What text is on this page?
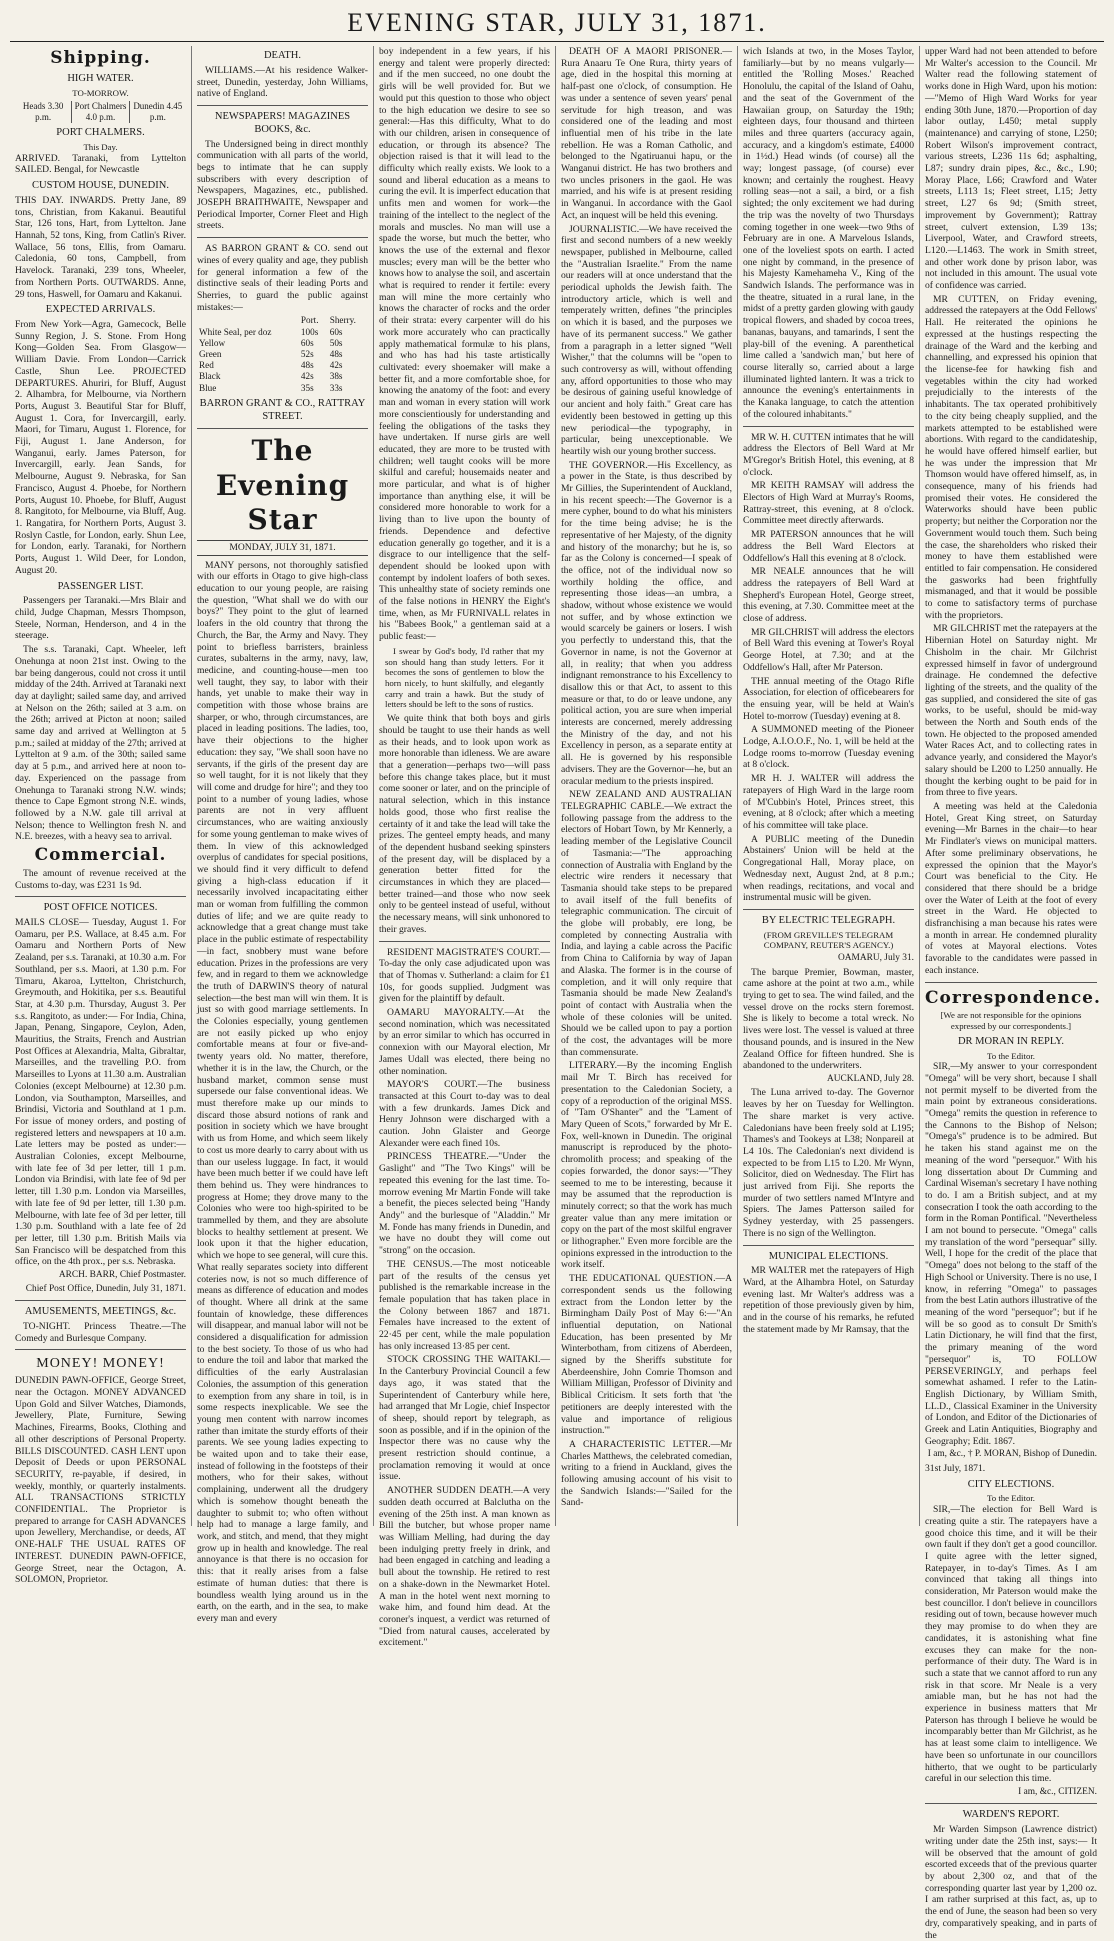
EVENING STAR, JULY 31, 1871.
Shipping.
HIGH WATER.
TO-MORROW.
Heads 3.30 p.m.
Port Chalmers 4.0 p.m.
Dunedin 4.45 p.m.
PORT CHALMERS.
This Day.

ARRIVED. Taranaki, from Lyttelton SAILED. Bengal, for Newcastle

CUSTOM HOUSE, DUNEDIN.

THIS DAY. INWARDS. Pretty Jane, 89 tons, Christian, from Kakanui. Beautiful Star, 126 tons, Hart, from Lyttelton. Jane Hannah, 52 tons, King, from Catlin's River. Wallace, 56 tons, Ellis, from Oamaru. Caledonia, 60 tons, Campbell, from Havelock. Taranaki, 239 tons, Wheeler, from Northern Ports. OUTWARDS. Anne, 29 tons, Haswell, for Oamaru and Kakanui.

EXPECTED ARRIVALS.

From New York—Agra, Gamecock, Belle Sunny Region, J. S. Stone. From Hong Kong—Golden Sea. From Glasgow—William Davie. From London—Carrick Castle, Shun Lee. PROJECTED DEPARTURES. Ahuriri, for Bluff, August 2. Alhambra, for Melbourne, via Northern Ports, August 3. Beautiful Star for Bluff, August 1. Cora, for Invercargill, early. Maori, for Timaru, August 1. Florence, for Fiji, August 1. Jane Anderson, for Wanganui, early. James Paterson, for Invercargill, early. Jean Sands, for Melbourne, August 9. Nebraska, for San Francisco, August 4. Phoebe, for Northern Ports, August 10. Phoebe, for Bluff, August 8. Rangitoto, for Melbourne, via Bluff, Aug. 1. Rangatira, for Northern Ports, August 3. Roslyn Castle, for London, early. Shun Lee, for London, early. Taranaki, for Northern Ports, August 1. Wild Deer, for London, August 20.

PASSENGER LIST.

Passengers per Taranaki.—Mrs Blair and child, Judge Chapman, Messrs Thompson, Steele, Norman, Henderson, and 4 in the steerage.

The s.s. Taranaki, Capt. Wheeler, left Onehunga at noon 21st inst. Owing to the bar being dangerous, could not cross it until midday of the 24th. Arrived at Taranaki next day at daylight; sailed same day, and arrived at Nelson on the 26th; sailed at 3 a.m. on the 26th; arrived at Picton at noon; sailed same day and arrived at Wellington at 5 p.m.; sailed at midday of the 27th; arrived at Lyttelton at 9 a.m. of the 30th; sailed same day at 5 p.m., and arrived here at noon to-day. Experienced on the passage from Onehunga to Taranaki strong N.W. winds; thence to Cape Egmont strong N.E. winds, followed by a N.W. gale till arrival at Nelson; thence to Wellington fresh N. and N.E. breezes, with a heavy sea to arrival.

Commercial.

The amount of revenue received at the Customs to-day, was £231 1s 9d.

POST OFFICE NOTICES.

MAILS CLOSE— Tuesday, August 1. For Oamaru, per P.S. Wallace, at 8.45 a.m. For Oamaru and Northern Ports of New Zealand, per s.s. Taranaki, at 10.30 a.m. For Southland, per s.s. Maori, at 1.30 p.m. For Timaru, Akaroa, Lyttelton, Christchurch, Greymouth, and Hokitika, per s.s. Beautiful Star, at 4.30 p.m. Thursday, August 3. Per s.s. Rangitoto, as under:— For India, China, Japan, Penang, Singapore, Ceylon, Aden, Mauritius, the Straits, French and Austrian Post Offices at Alexandria, Malta, Gibraltar, Marseilles, and the travelling P.O. from Marseilles to Lyons at 11.30 a.m. Australian Colonies (except Melbourne) at 12.30 p.m. London, via Southampton, Marseilles, and Brindisi, Victoria and Southland at 1 p.m. For issue of money orders, and posting of registered letters and newspapers at 10 a.m. Late letters may be posted as under:— Australian Colonies, except Melbourne, with late fee of 3d per letter, till 1 p.m. London via Brindisi, with late fee of 9d per letter, till 1.30 p.m. London via Marseilles, with late fee of 9d per letter, till 1.30 p.m. Melbourne, with late fee of 3d per letter, till 1.30 p.m. Southland with a late fee of 2d per letter, till 1.30 p.m. British Mails via San Francisco will be despatched from this office, on the 4th prox., per s.s. Nebraska.

ARCH. BARR, Chief Postmaster.
Chief Post Office, Dunedin, July 31, 1871.
AMUSEMENTS, MEETINGS, &c.

TO-NIGHT. Princess Theatre.—The Comedy and Burlesque Company.

MONEY! MONEY!

DUNEDIN PAWN-OFFICE, George Street, near the Octagon. MONEY ADVANCED Upon Gold and Silver Watches, Diamonds, Jewellery, Plate, Furniture, Sewing Machines, Firearms, Books, Clothing and all other descriptions of Personal Property. BILLS DISCOUNTED. CASH LENT upon Deposit of Deeds or upon PERSONAL SECURITY, re-payable, if desired, in weekly, monthly, or quarterly instalments. ALL TRANSACTIONS STRICTLY CONFIDENTIAL. The Proprietor is prepared to arrange for CASH ADVANCES upon Jewellery, Merchandise, or deeds, AT ONE-HALF THE USUAL RATES OF INTEREST. DUNEDIN PAWN-OFFICE, George Street, near the Octagon, A. SOLOMON, Proprietor.

DEATH.

WILLIAMS.—At his residence Walker-street, Dunedin, yesterday, John Williams, native of England.

NEWSPAPERS! MAGAZINES BOOKS, &c.

The Undersigned being in direct monthly communication with all parts of the world, begs to intimate that he can supply subscribers with every description of Newspapers, Magazines, etc., published. JOSEPH BRAITHWAITE, Newspaper and Periodical Importer, Corner Fleet and High streets.

AS BARRON GRANT & CO. send out wines of every quality and age, they publish for general information a few of the distinctive seals of their leading Ports and Sherries, to guard the public against mistakes:—

	Port.	Sherry.
White Seal, per doz	100s	60s
Yellow	60s	50s
Green	52s	48s
Red	48s	42s
Black	42s	38s
Blue	35s	33s
BARRON GRANT & CO., RATTRAY STREET.
The Evening Star
MONDAY, JULY 31, 1871.

MANY persons, not thoroughly satisfied with our efforts in Otago to give high-class education to our young people, are raising the question, "What shall we do with our boys?" They point to the glut of learned loafers in the old country that throng the Church, the Bar, the Army and Navy. They point to briefless barristers, brainless curates, subalterns in the army, navy, law, medicine, and counting-house—men too well taught, they say, to labor with their hands, yet unable to make their way in competition with those whose brains are sharper, or who, through circumstances, are placed in leading positions. The ladies, too, have their objections to the higher education: they say, "We shall soon have no servants, if the girls of the present day are so well taught, for it is not likely that they will come and drudge for hire"; and they too point to a number of young ladies, whose parents are not in very affluent circumstances, who are waiting anxiously for some young gentleman to make wives of them. In view of this acknowledged overplus of candidates for special positions, we should find it very difficult to defend giving a high-class education if it necessarily involved incapacitating either man or woman from fulfilling the common duties of life; and we are quite ready to acknowledge that a great change must take place in the public estimate of respectability—in fact, snobbery must wane before education. Prizes in the professions are very few, and in regard to them we acknowledge the truth of DARWIN'S theory of natural selection—the best man will win them. It is just so with good marriage settlements. In the Colonies especially, young gentlemen are not easily picked up who enjoy comfortable means at four or five-and-twenty years old. No matter, therefore, whether it is in the law, the Church, or the husband market, common sense must supersede our false conventional ideas. We must therefore make up our minds to discard those absurd notions of rank and position in society which we have brought with us from Home, and which seem likely to cost us more dearly to carry about with us than our useless luggage. In fact, it would have been much better if we could have left them behind us. They were hindrances to progress at Home; they drove many to the Colonies who were too high-spirited to be trammelled by them, and they are absolute blocks to healthy settlement at present. We look upon it that the higher education, which we hope to see general, will cure this. What really separates society into different coteries now, is not so much difference of means as difference of education and modes of thought. Where all drink at the same fountain of knowledge, these differences will disappear, and manual labor will not be considered a disqualification for admission to the best society. To those of us who had to endure the toil and labor that marked the difficulties of the early Australasian Colonies, the assumption of this generation to exemption from any share in toil, is in some respects inexplicable. We see the young men content with narrow incomes rather than imitate the sturdy efforts of their parents. We see young ladies expecting to be waited upon and to take their ease, instead of following in the footsteps of their mothers, who for their sakes, without complaining, underwent all the drudgery which is somehow thought beneath the daughter to submit to; who often without help had to manage a large family, and work, and stitch, and mend, that they might grow up in health and knowledge. The real annoyance is that there is no occasion for this: that it really arises from a false estimate of human duties: that there is boundless wealth lying around us in the earth, on the earth, and in the sea, to make every man and every

boy independent in a few years, if his energy and talent were properly directed: and if the men succeed, no one doubt the girls will be well provided for. But we would put this question to those who object to the high education we desire to see so general:—Has this difficulty, What to do with our children, arisen in consequence of education, or through its absence? The objection raised is that it will lead to the difficulty which really exists. We look to a sound and liberal education as a means to curing the evil. It is imperfect education that unfits men and women for work—the training of the intellect to the neglect of the morals and muscles. No man will use a spade the worse, but much the better, who knows the use of the external and flexor muscles; every man will be the better who knows how to analyse the soil, and ascertain what is required to render it fertile: every man will mine the more certainly who knows the character of rocks and the order of their strata: every carpenter will do his work more accurately who can practically apply mathematical formulæ to his plans, and who has had his taste artistically cultivated: every shoemaker will make a better fit, and a more comfortable shoe, for knowing the anatomy of the foot: and every man and woman in every station will work more conscientiously for understanding and feeling the obligations of the tasks they have undertaken. If nurse girls are well educated, they are more to be trusted with children; well taught cooks will be more skilful and careful; housemaids neater and more particular, and what is of higher importance than anything else, it will be considered more honorable to work for a living than to live upon the bounty of friends. Dependence and defective education generally go together, and it is a disgrace to our intelligence that the self-dependent should be looked upon with contempt by indolent loafers of both sexes. This unhealthy state of society reminds one of the false notions in HENRY the Eight's time, when, as Mr FURNIVALL relates in his "Babees Book," a gentleman said at a public feast:—

I swear by God's body, I'd rather that my son should hang than study letters. For it becomes the sons of gentlemen to blow the horn nicely, to hunt skilfully, and elegantly carry and train a hawk. But the study of letters should be left to the sons of rustics.

We quite think that both boys and girls should be taught to use their hands as well as their heads, and to look upon work as more honorable than idleness. We are aware that a generation—perhaps two—will pass before this change takes place, but it must come sooner or later, and on the principle of natural selection, which in this instance holds good, those who first realise the certainty of it and take the lead will take the prizes. The genteel empty heads, and many of the dependent husband seeking spinsters of the present day, will be displaced by a generation better fitted for the circumstances in which they are placed—better trained—and those who now seek only to be genteel instead of useful, without the necessary means, will sink unhonored to their graves.

RESIDENT MAGISTRATE'S COURT.—To-day the only case adjudicated upon was that of Thomas v. Sutherland: a claim for £1 10s, for goods supplied. Judgment was given for the plaintiff by default.

OAMARU MAYORALTY.—At the second nomination, which was necessitated by an error similar to which has occurred in connexion with our Mayoral election, Mr James Udall was elected, there being no other nomination.

MAYOR'S COURT.—The business transacted at this Court to-day was to deal with a few drunkards. James Dick and Henry Johnson were discharged with a caution. John Glaister and George Alexander were each fined 10s.

PRINCESS THEATRE.—"Under the Gaslight" and "The Two Kings" will be repeated this evening for the last time. To-morrow evening Mr Martin Fonde will take a benefit, the pieces selected being "Handy Andy" and the burlesque of "Aladdin." Mr M. Fonde has many friends in Dunedin, and we have no doubt they will come out "strong" on the occasion.

THE CENSUS.—The most noticeable part of the results of the census yet published is the remarkable increase in the female population that has taken place in the Colony between 1867 and 1871. Females have increased to the extent of 22·45 per cent, while the male population has only increased 13·85 per cent.

STOCK CROSSING THE WAITAKI.—In the Canterbury Provincial Council a few days ago, it was stated that the Superintendent of Canterbury while here, had arranged that Mr Logie, chief Inspector of sheep, should report by telegraph, as soon as possible, and if in the opinion of the Inspector there was no cause why the present restriction should continue, a proclamation removing it would at once issue.

ANOTHER SUDDEN DEATH.—A very sudden death occurred at Balclutha on the evening of the 25th inst. A man known as Bill the butcher, but whose proper name was William Melling, had during the day been indulging pretty freely in drink, and had been engaged in catching and leading a bull about the township. He retired to rest on a shake-down in the Newmarket Hotel. A man in the hotel went next morning to wake him, and found him dead. At the coroner's inquest, a verdict was returned of "Died from natural causes, accelerated by excitement."

DEATH OF A MAORI PRISONER.—Rura Anaaru Te One Rura, thirty years of age, died in the hospital this morning at half-past one o'clock, of consumption. He was under a sentence of seven years' penal servitude for high treason, and was considered one of the leading and most influential men of his tribe in the late rebellion. He was a Roman Catholic, and belonged to the Ngatiruanui hapu, or the Wanganui district. He has two brothers and two uncles prisoners in the gaol. He was married, and his wife is at present residing in Wanganui. In accordance with the Gaol Act, an inquest will be held this evening.

JOURNALISTIC.—We have received the first and second numbers of a new weekly newspaper, published in Melbourne, called the "Australian Israelite." From the name our readers will at once understand that the periodical upholds the Jewish faith. The introductory article, which is well and temperately written, defines "the principles on which it is based, and the purposes we have of its permanent success." We gather from a paragraph in a letter signed "Well Wisher," that the columns will be "open to such controversy as will, without offending any, afford opportunities to those who may be desirous of gaining useful knowledge of our ancient and holy faith." Great care has evidently been bestowed in getting up this new periodical—the typography, in particular, being unexceptionable. We heartily wish our young brother success.

THE GOVERNOR.—His Excellency, as a power in the State, is thus described by Mr Gillies, the Superintendent of Auckland, in his recent speech:—The Governor is a mere cypher, bound to do what his ministers for the time being advise; he is the representative of her Majesty, of the dignity and history of the monarchy; but he is, so far as the Colony is concerned—I speak of the office, not of the individual now so worthily holding the office, and representing those ideas—an umbra, a shadow, without whose existence we would not suffer, and by whose extinction we would scarcely be gainers or losers. I wish you perfectly to understand this, that the Governor in name, is not the Governor at all, in reality; that when you address indignant remonstrance to his Excellency to disallow this or that Act, to assent to this measure or that, to do or leave undone, any political action, you are sure when imperial interests are concerned, merely addressing the Ministry of the day, and not his Excellency in person, as a separate entity at all. He is governed by his responsible advisers. They are the Governor—he, but an oracular medium to the priests inspired.

NEW ZEALAND AND AUSTRALIAN TELEGRAPHIC CABLE.—We extract the following passage from the address to the electors of Hobart Town, by Mr Kennerly, a leading member of the Legislative Council of Tasmania:—"The approaching connection of Australia with England by the electric wire renders it necessary that Tasmania should take steps to be prepared to avail itself of the full benefits of telegraphic communication. The circuit of the globe will probably, ere long, be completed by connecting Australia with India, and laying a cable across the Pacific from China to California by way of Japan and Alaska. The former is in the course of completion, and it will only require that Tasmania should be made New Zealand's point of contact with Australia when the whole of these colonies will be united. Should we be called upon to pay a portion of the cost, the advantages will be more than commensurate.

LITERARY.—By the incoming English mail Mr T. Birch has received for presentation to the Caledonian Society, a copy of a reproduction of the original MSS. of "Tam O'Shanter" and the "Lament of Mary Queen of Scots," forwarded by Mr E. Fox, well-known in Dunedin. The original manuscript is reproduced by the photo-chromolith process; and speaking of the copies forwarded, the donor says:—"They seemed to me to be interesting, because it may be assumed that the reproduction is minutely correct; so that the work has much greater value than any mere imitation or copy on the part of the most skilful engraver or lithographer." Even more forcible are the opinions expressed in the introduction to the work itself.

THE EDUCATIONAL QUESTION.—A correspondent sends us the following extract from the London letter by the Birmingham Daily Post of May 6:—"An influential deputation, on National Education, has been presented by Mr Winterbotham, from citizens of Aberdeen, signed by the Sheriffs substitute for Aberdeenshire, John Comrie Thomson and William Milligan, Professor of Divinity and Biblical Criticism. It sets forth that 'the petitioners are deeply interested with the value and importance of religious instruction.'"

A CHARACTERISTIC LETTER.—Mr Charles Matthews, the celebrated comedian, writing to a friend in Auckland, gives the following amusing account of his visit to the Sandwich Islands:—"Sailed for the Sand-

wich Islands at two, in the Moses Taylor, familiarly—but by no means vulgarly—entitled the 'Rolling Moses.' Reached Honolulu, the capital of the Island of Oahu, and the seat of the Government of the Hawaiian group, on Saturday the 19th; eighteen days, four thousand and thirteen miles and three quarters (accuracy again, accuracy, and a kingdom's estimate, £4000 in 1½d.) Head winds (of course) all the way; longest passage, (of course) ever known; and certainly the roughest. Heavy rolling seas—not a sail, a bird, or a fish sighted; the only excitement we had during the trip was the novelty of two Thursdays coming together in one week—two 9ths of February are in one. A Marvelous Islands, one of the loveliest spots on earth. I acted one night by command, in the presence of his Majesty Kamehameha V., King of the Sandwich Islands. The performance was in the theatre, situated in a rural lane, in the midst of a pretty garden glowing with gaudy tropical flowers, and shaded by cocoa trees, bananas, bauyans, and tamarinds, I sent the play-bill of the evening. A parenthetical lime called a 'sandwich man,' but here of course literally so, carried about a large illuminated lighted lantern. It was a trick to announce the evening's entertainments in the Kanaka language, to catch the attention of the coloured inhabitants."

MR W. H. CUTTEN intimates that he will address the Electors of Bell Ward at Mr M'Gregor's British Hotel, this evening, at 8 o'clock.

MR KEITH RAMSAY will address the Electors of High Ward at Murray's Rooms, Rattray-street, this evening, at 8 o'clock. Committee meet directly afterwards.

MR PATERSON announces that he will address the Bell Ward Electors at Oddfellow's Hall this evening at 8 o'clock.

MR NEALE announces that he will address the ratepayers of Bell Ward at Shepherd's European Hotel, George street, this evening, at 7.30. Committee meet at the close of address.

MR GILCHRIST will address the electors of Bell Ward this evening at Tower's Royal George Hotel, at 7.30; and at the Oddfellow's Hall, after Mr Paterson.

THE annual meeting of the Otago Rifle Association, for election of officebearers for the ensuing year, will be held at Wain's Hotel to-morrow (Tuesday) evening at 8.

A SUMMONED meeting of the Pioneer Lodge, A.I.O.O.F., No. 1, will be held at the Lodge rooms to-morrow (Tuesday evening at 8 o'clock.

MR H. J. WALTER will address the ratepayers of High Ward in the large room of M'Cubbin's Hotel, Princes street, this evening, at 8 o'clock; after which a meeting of his committee will take place.

A PUBLIC meeting of the Dunedin Abstainers' Union will be held at the Congregational Hall, Moray place, on Wednesday next, August 2nd, at 8 p.m.; when readings, recitations, and vocal and instrumental music will be given.

BY ELECTRIC TELEGRAPH.
(FROM GREVILLE'S TELEGRAM COMPANY, REUTER'S AGENCY.)
OAMARU, July 31.

The barque Premier, Bowman, master, came ashore at the point at two a.m., while trying to get to sea. The wind failed, and the vessel drove on the rocks stern foremost. She is likely to become a total wreck. No lives were lost. The vessel is valued at three thousand pounds, and is insured in the New Zealand Office for fifteen hundred. She is abandoned to the underwriters.

AUCKLAND, July 28.

The Luna arrived to-day. The Governor leaves by her on Tuesday for Wellington. The share market is very active. Caledonians have been freely sold at L195; Thames's and Tookeys at L38; Nonpareil at L4 10s. The Caledonian's next dividend is expected to be from L15 to L20. Mr Wynn, Solicitor, died on Wednesday. The Flirt has just arrived from Fiji. She reports the murder of two settlers named M'Intyre and Spiers. The James Patterson sailed for Sydney yesterday, with 25 passengers. There is no sign of the Wellington.

MUNICIPAL ELECTIONS.

MR WALTER met the ratepayers of High Ward, at the Alhambra Hotel, on Saturday evening last. Mr Walter's address was a repetition of those previously given by him, and in the course of his remarks, he refuted the statement made by Mr Ramsay, that the

upper Ward had not been attended to before Mr Walter's accession to the Council. Mr Walter read the following statement of works done in High Ward, upon his motion:—"Memo of High Ward Works for year ending 30th June, 1870.—Proportion of day labor outlay, L450; metal supply (maintenance) and carrying of stone, L250; Robert Wilson's improvement contract, various streets, L236 11s 6d; asphalting, L87; sundry drain pipes, &c., &c., L90; Moray Place, L66; Crawford and Water streets, L113 1s; Fleet street, L15; Jetty street, L27 6s 9d; (Smith street, improvement by Government); Rattray street, culvert extension, L39 13s; Liverpool, Water, and Crawford streets, L120.—L1463. The work in Smith street, and other work done by prison labor, was not included in this amount. The usual vote of confidence was carried.

MR CUTTEN, on Friday evening, addressed the ratepayers at the Odd Fellows' Hall. He reiterated the opinions he expressed at the hustings respecting the drainage of the Ward and the kerbing and channelling, and expressed his opinion that the license-fee for hawking fish and vegetables within the city had worked prejudicially to the interests of the inhabitants. The tax operated prohibitively to the city being cheaply supplied, and the markets attempted to be established were abortions. With regard to the candidateship, he would have offered himself earlier, but he was under the impression that Mr Thomson would have offered himself, as, in consequence, many of his friends had promised their votes. He considered the Waterworks should have been public property; but neither the Corporation nor the Government would touch them. Such being the case, the shareholders who risked their money to have them established were entitled to fair compensation. He considered the gasworks had been frightfully mismanaged, and that it would be possible to come to satisfactory terms of purchase with the proprietors.

MR GILCHRIST met the ratepayers at the Hibernian Hotel on Saturday night. Mr Chisholm in the chair. Mr Gilchrist expressed himself in favor of underground drainage. He condemned the defective lighting of the streets, and the quality of the gas supplied, and considered the site of gas works, to be useful, should be mid-way between the North and South ends of the town. He objected to the proposed amended Water Races Act, and to collecting rates in advance yearly, and considered the Mayor's salary should be L200 to L250 annually. He thought the kerbing ought to be paid for in from three to five years.

A meeting was held at the Caledonia Hotel, Great King street, on Saturday evening—Mr Barnes in the chair—to hear Mr Findlater's views on municipal matters. After some preliminary observations, he expressed the opinion that the Mayor's Court was beneficial to the City. He considered that there should be a bridge over the Water of Leith at the foot of every street in the Ward. He objected to disfranchising a man because his rates were a month in arrear. He condemned plurality of votes at Mayoral elections. Votes favorable to the candidates were passed in each instance.

Correspondence.
[We are not responsible for the opinions expressed by our correspondents.]
DR MORAN IN REPLY.
To the Editor.

SIR,—My answer to your correspondent "Omega" will be very short, because I shall not permit myself to be diverted from the main point by extraneous considerations. "Omega" remits the question in reference to the Cannons to the Bishop of Nelson; "Omega's" prudence is to be admired. But he taken his stand against me on the meaning of the word "persequor." With his long dissertation about Dr Cumming and Cardinal Wiseman's secretary I have nothing to do. I am a British subject, and at my consecration I took the oath according to the form in the Roman Pontifical. "Nevertheless I am not bound to persecute. "Omega" calls my translation of the word "persequar" silly. Well, I hope for the credit of the place that "Omega" does not belong to the staff of the High School or University. There is no use, I know, in referring "Omega" to passages from the best Latin authors illustrative of the meaning of the word "persequor"; but if he will be so good as to consult Dr Smith's Latin Dictionary, he will find that the first, the primary meaning of the word "persequor" is, TO FOLLOW PERSEVERINGLY, and perhaps feel somewhat ashamed. I refer to the Latin-English Dictionary, by William Smith, LL.D., Classical Examiner in the University of London, and Editor of the Dictionaries of Greek and Latin Antiquities, Biography and Geography; Edit. 1867.

I am, &c., † P. MORAN, Bishop of Dunedin.

31st July, 1871.

CITY ELECTIONS.
To the Editor.

SIR,—The election for Bell Ward is creating quite a stir. The ratepayers have a good choice this time, and it will be their own fault if they don't get a good councillor. I quite agree with the letter signed, Ratepayer, in to-day's Times. As I am convinced that taking all things into consideration, Mr Paterson would make the best councillor. I don't believe in councillors residing out of town, because however much they may promise to do when they are candidates, it is astonishing what fine excuses they can make for the non-performance of their duty. The Ward is in such a state that we cannot afford to run any risk in that score. Mr Neale is a very amiable man, but he has not had the experience in business matters that Mr Paterson has through I believe he would be incomparably better than Mr Gilchrist, as he has at least some claim to intelligence. We have been so unfortunate in our councillors hitherto, that we ought to be particularly careful in our selection this time.

I am, &c., CITIZEN.
WARDEN'S REPORT.

Mr Warden Simpson (Lawrence district) writing under date the 25th inst, says:— It will be observed that the amount of gold escorted exceeds that of the previous quarter by about 2,300 oz, and that of the corresponding quarter last year by 1,200 oz. I am rather surprised at this fact, as, up to the end of June, the season had been so very dry, comparatively speaking, and in parts of the
